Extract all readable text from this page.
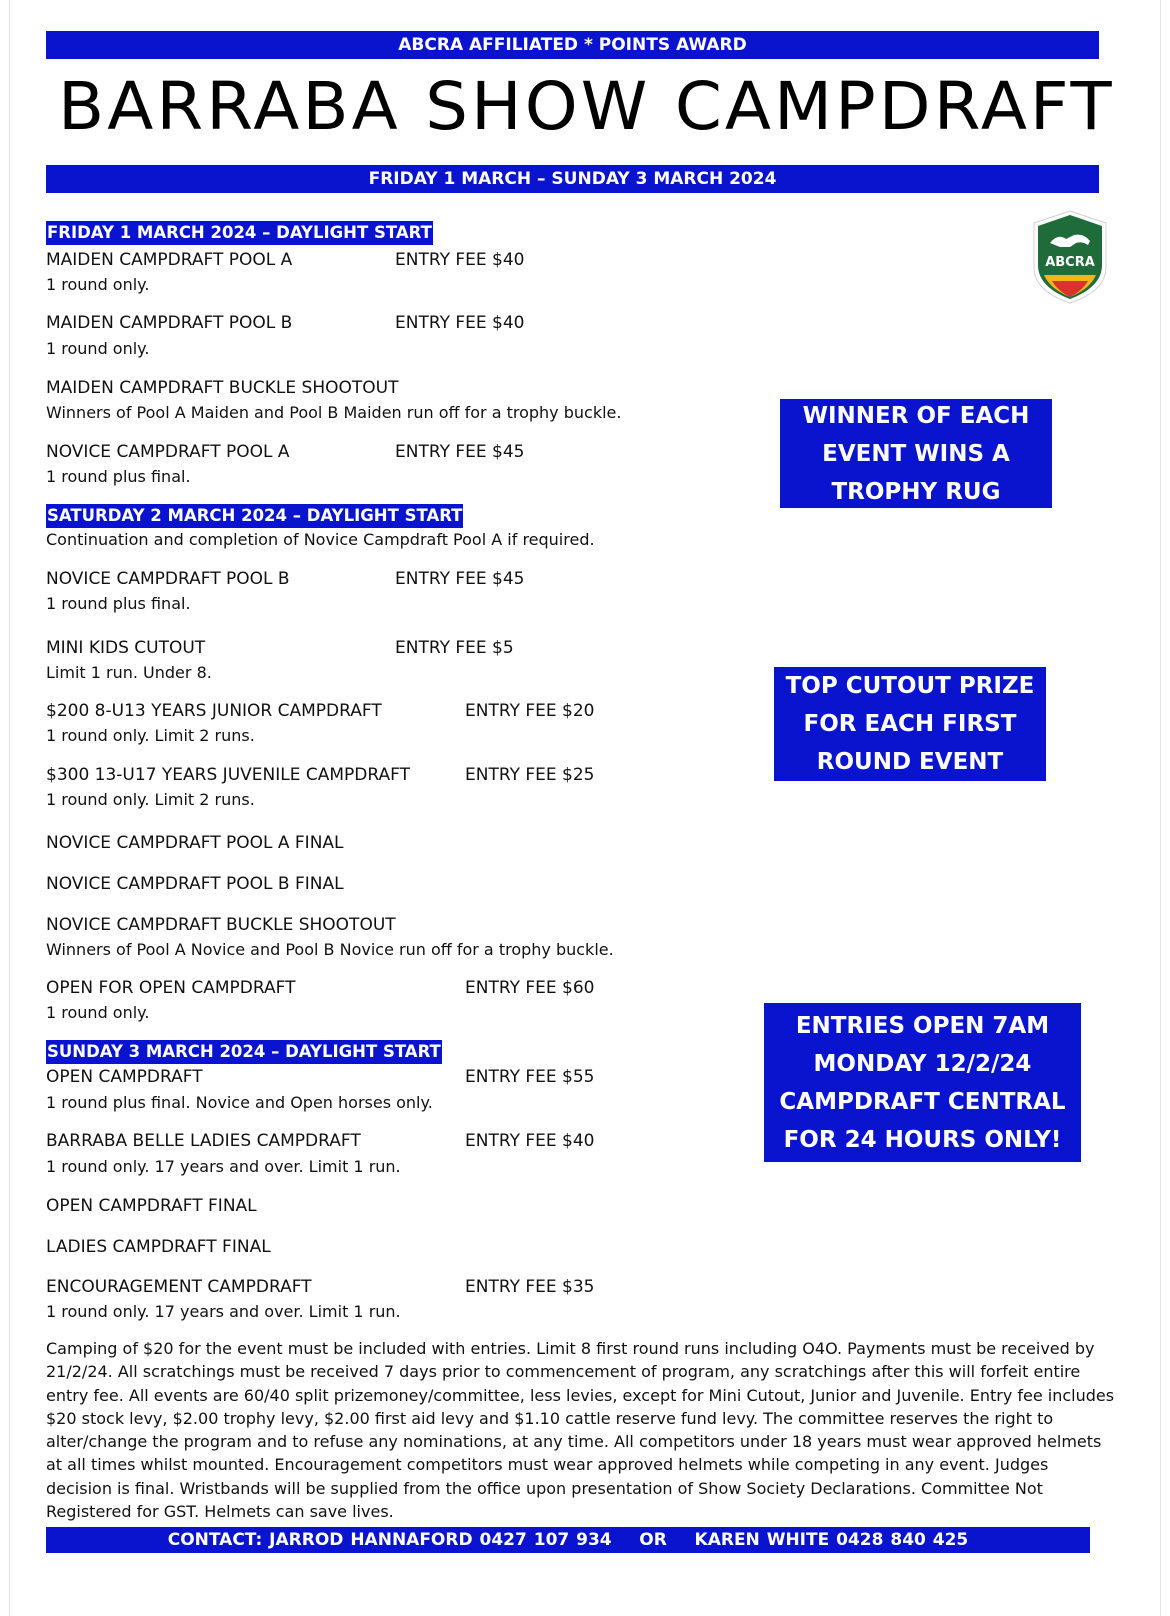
ABCRA AFFILIATED * POINTS AWARD
BARRABA SHOW CAMPDRAFT
FRIDAY 1 MARCH – SUNDAY 3 MARCH 2024
ABCRA
FRIDAY 1 MARCH 2024 – DAYLIGHT START
MAIDEN CAMPDRAFT POOL A	ENTRY FEE $40
1 round only.
MAIDEN CAMPDRAFT POOL B	ENTRY FEE $40
1 round only.
MAIDEN CAMPDRAFT BUCKLE SHOOTOUT
Winners of Pool A Maiden and Pool B Maiden run off for a trophy buckle.
NOVICE CAMPDRAFT POOL A	ENTRY FEE $45
1 round plus final.
SATURDAY 2 MARCH 2024 – DAYLIGHT START
Continuation and completion of Novice Campdraft Pool A if required.
NOVICE CAMPDRAFT POOL B	ENTRY FEE $45
1 round plus final.
MINI KIDS CUTOUT	ENTRY FEE $5
Limit 1 run. Under 8.
$200 8-U13 YEARS JUNIOR CAMPDRAFT	ENTRY FEE $20
1 round only. Limit 2 runs.
$300 13-U17 YEARS JUVENILE CAMPDRAFT	ENTRY FEE $25
1 round only. Limit 2 runs.
NOVICE CAMPDRAFT POOL A FINAL
NOVICE CAMPDRAFT POOL B FINAL
NOVICE CAMPDRAFT BUCKLE SHOOTOUT
Winners of Pool A Novice and Pool B Novice run off for a trophy buckle.
OPEN FOR OPEN CAMPDRAFT	ENTRY FEE $60
1 round only.
SUNDAY 3 MARCH 2024 – DAYLIGHT START
OPEN CAMPDRAFT	ENTRY FEE $55
1 round plus final. Novice and Open horses only.
BARRABA BELLE LADIES CAMPDRAFT	ENTRY FEE $40
1 round only. 17 years and over. Limit 1 run.
OPEN CAMPDRAFT FINAL
LADIES CAMPDRAFT FINAL
ENCOURAGEMENT CAMPDRAFT	ENTRY FEE $35
1 round only. 17 years and over. Limit 1 run.
WINNER OF EACH
EVENT WINS A
TROPHY RUG
TOP CUTOUT PRIZE
FOR EACH FIRST
ROUND EVENT
ENTRIES OPEN 7AM
MONDAY 12/2/24
CAMPDRAFT CENTRAL
FOR 24 HOURS ONLY!
Camping of $20 for the event must be included with entries. Limit 8 first round runs including O4O. Payments must be received by 21/2/24. All scratchings must be received 7 days prior to commencement of program, any scratchings after this will forfeit entire entry fee. All events are 60/40 split prizemoney/committee, less levies, except for Mini Cutout, Junior and Juvenile. Entry fee includes $20 stock levy, $2.00 trophy levy, $2.00 first aid levy and $1.10 cattle reserve fund levy. The committee reserves the right to alter/change the program and to refuse any nominations, at any time. All competitors under 18 years must wear approved helmets at all times whilst mounted. Encouragement competitors must wear approved helmets while competing in any event. Judges decision is final. Wristbands will be supplied from the office upon presentation of Show Society Declarations. Committee Not Registered for GST. Helmets can save lives.
CONTACT: JARROD HANNAFORD 0427 107 934    OR    KAREN WHITE 0428 840 425
